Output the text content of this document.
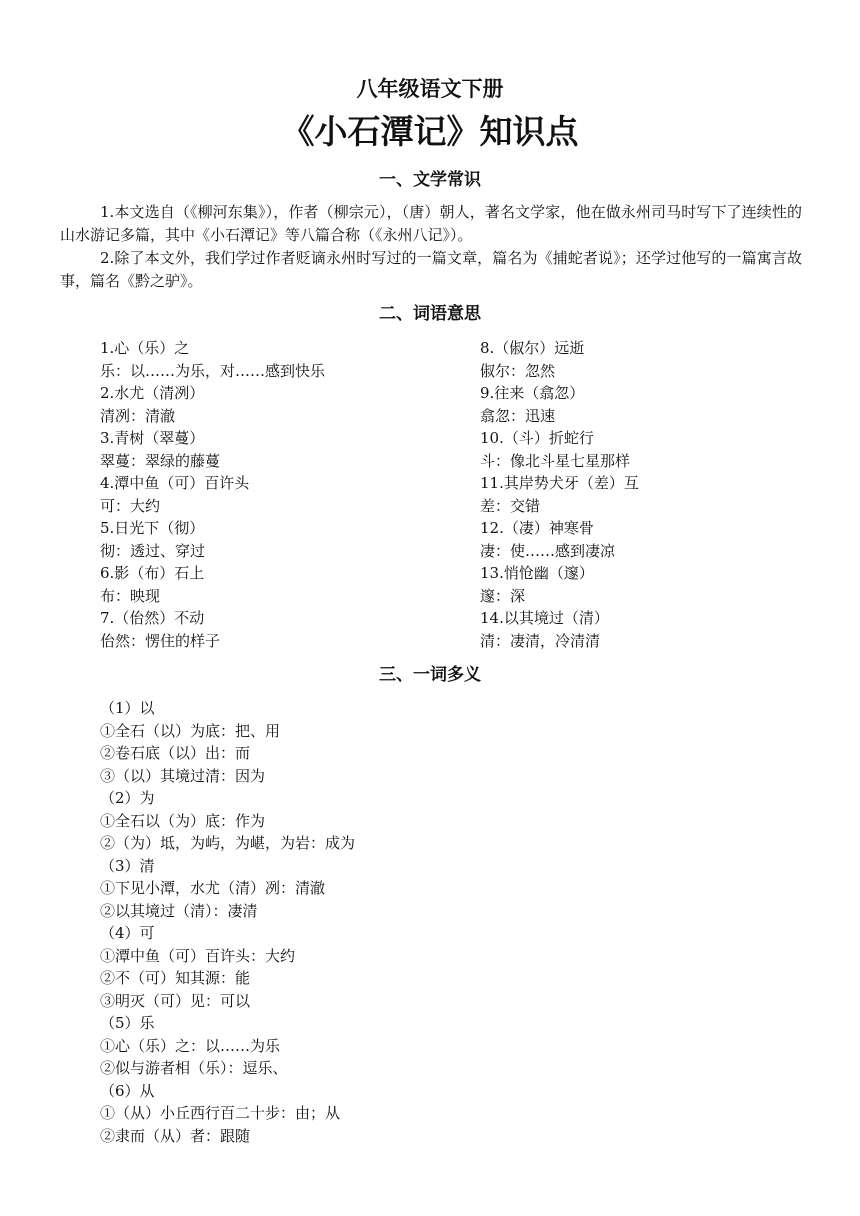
八年级语文下册
《小石潭记》知识点
一、文学常识
1.本文选自（《柳河东集》），作者（柳宗元），（唐）朝人，著名文学家，他在做永州司马时写下了连续性的山水游记多篇，其中《小石潭记》等八篇合称（《永州八记》）。
2.除了本文外，我们学过作者贬谪永州时写过的一篇文章，篇名为《捕蛇者说》；还学过他写的一篇寓言故事，篇名《黔之驴》。
二、词语意思
1.心（乐）之
乐：以……为乐，对……感到快乐
2.水尤（清冽）
清冽：清澈
3.青树（翠蔓）
翠蔓：翠绿的藤蔓
4.潭中鱼（可）百许头
可：大约
5.日光下（彻）
彻：透过、穿过
6.影（布）石上
布：映现
7.（佁然）不动
佁然：愣住的样子
8.（俶尔）远逝
俶尔：忽然
9.往来（翕忽）
翕忽：迅速
10.（斗）折蛇行
斗：像北斗星七星那样
11.其岸势犬牙（差）互
差：交错
12.（凄）神寒骨
凄：使……感到凄凉
13.悄怆幽（邃）
邃：深
14.以其境过（清）
清：凄清，冷清清
三、一词多义
（1）以
①全石（以）为底：把、用
②卷石底（以）出：而
③（以）其境过清：因为
（2）为
①全石以（为）底：作为
②（为）坻，为屿，为嵁，为岩：成为
（3）清
①下见小潭，水尤（清）冽：清澈
②以其境过（清）：凄清
（4）可
①潭中鱼（可）百许头：大约
②不（可）知其源：能
③明灭（可）见：可以
（5）乐
①心（乐）之：以……为乐
②似与游者相（乐）：逗乐、
（6）从
①（从）小丘西行百二十步：由；从
②隶而（从）者：跟随
